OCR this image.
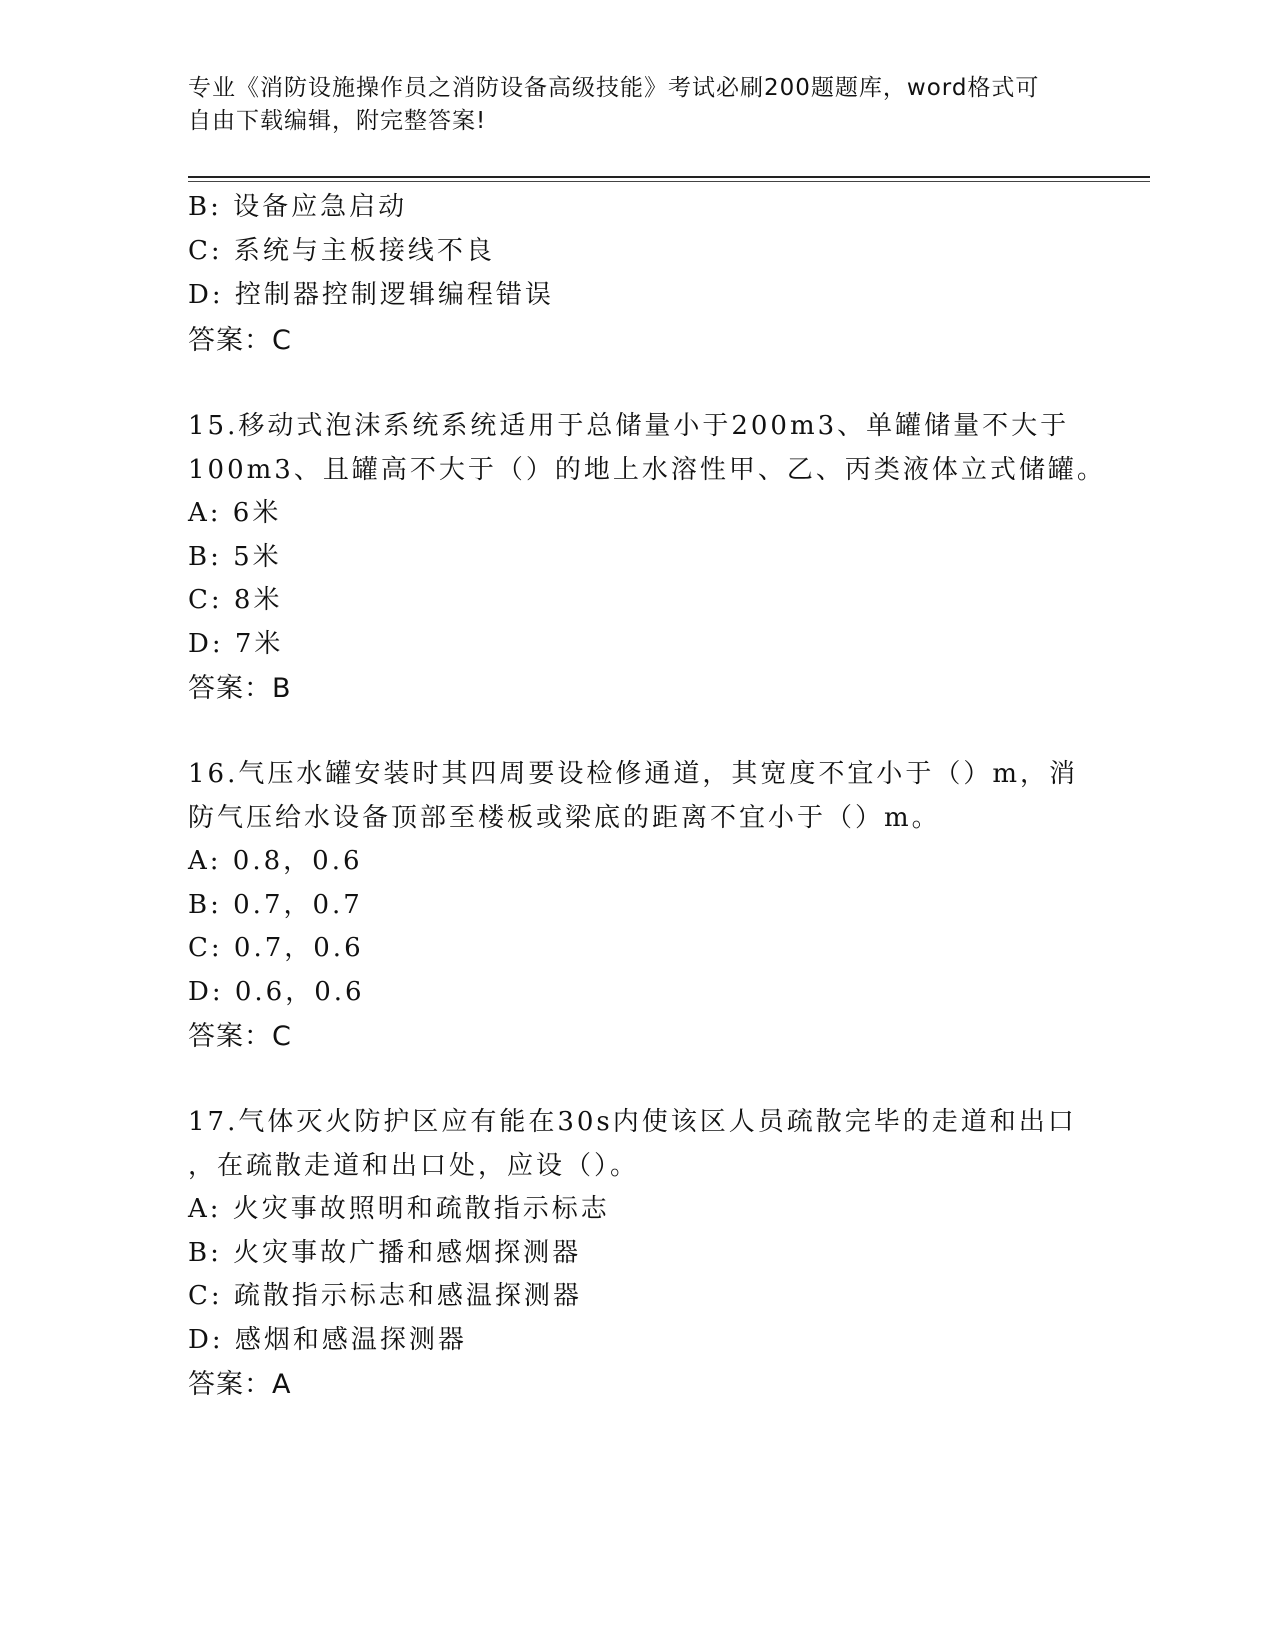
专业《消防设施操作员之消防设备高级技能》考试必刷200题题库，word格式可
自由下载编辑，附完整答案!
B: 设备应急启动
C: 系统与主板接线不良
D: 控制器控制逻辑编程错误
答案：C
15.移动式泡沫系统系统适用于总储量小于200m3、单罐储量不大于
100m3、且罐高不大于（）的地上水溶性甲、乙、丙类液体立式储罐。
A: 6米
B: 5米
C: 8米
D: 7米
答案：B
16.气压水罐安装时其四周要设检修通道，其宽度不宜小于（）m，消
防气压给水设备顶部至楼板或梁底的距离不宜小于（）m。
A: 0.8，0.6
B: 0.7，0.7
C: 0.7，0.6
D: 0.6，0.6
答案：C
17.气体灭火防护区应有能在30s内使该区人员疏散完毕的走道和出口
，在疏散走道和出口处，应设（）。
A: 火灾事故照明和疏散指示标志
B: 火灾事故广播和感烟探测器
C: 疏散指示标志和感温探测器
D: 感烟和感温探测器
答案：A
